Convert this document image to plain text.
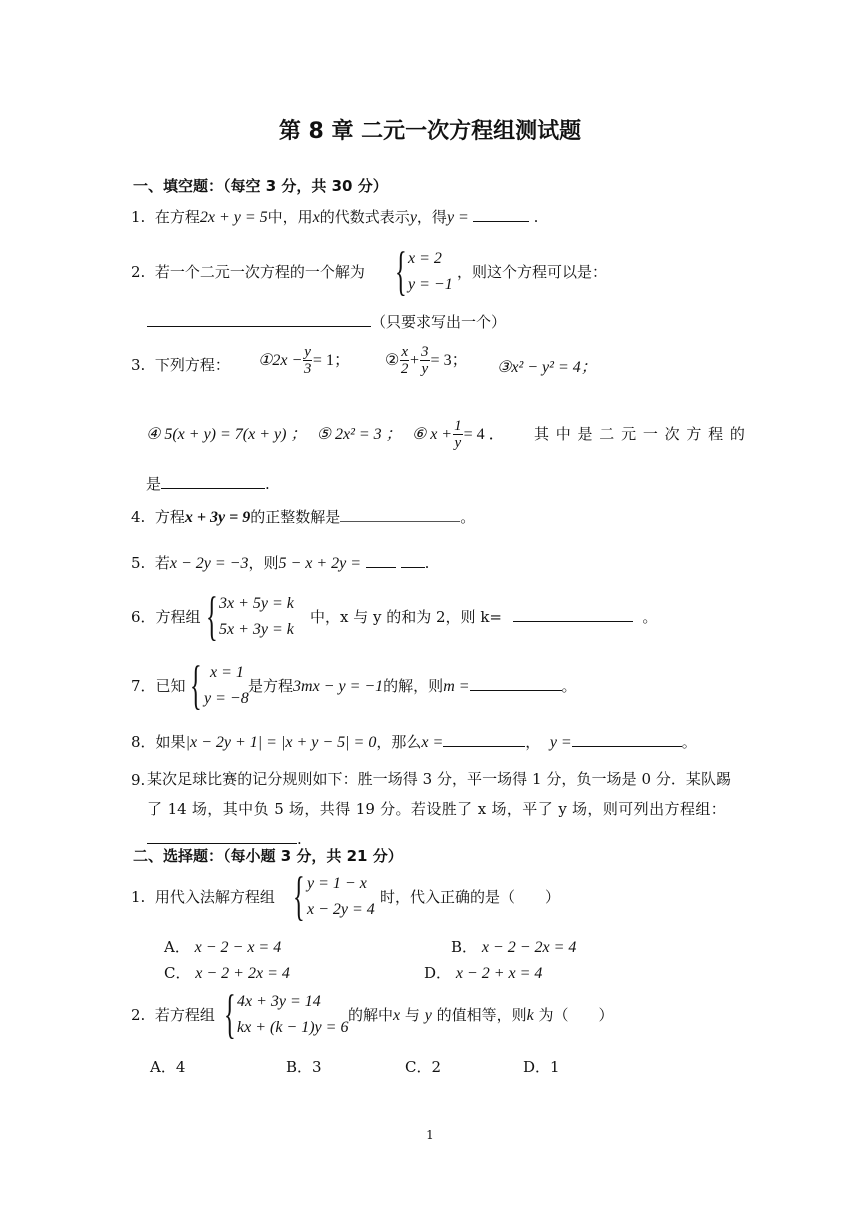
第 8 章 二元一次方程组测试题
一、填空题：（每空 3 分，共 30 分）
1. 在方程2x + y = 5中，用x的代数式表示y，得y =	.
2. 若一个二元一次方程的一个解为 { x = 2
y = −1
，则这个方程可以是：
（只要求写出一个）
3. 下列方程： ①2x − $\frac{y}{3} = 1$； ② $\frac{x}{2} + \frac{3}{y} = 3$； ③x² − y² = 4；
④ 5(x + y) = 7(x + y) ； ⑤ 2x² = 3 ； ⑥ $x + \frac{1}{y} = 4$ ． 其 中 是 二 元 一 次 方 程 的
是	.
4. 方程x + 3y = 9的正整数解是	。
5. 若x − 2y = −3，则5 − x + 2y =	.
6．方程组 { 3x + 5y = k
5x + 3y = k
中，x 与 y 的和为 2，则 k=	。
7．已知 { x = 1
y = −8
是方程3mx − y = −1的解，则m =	。
8．如果|x − 2y + 1| = |x + y − 5| = 0，那么x =	， y =	。
9. 某次足球比赛的记分规则如下：胜一场得 3 分，平一场得 1 分，负一场是 0 分．某队踢了 14 场，其中负 5 场，共得 19 分。若设胜了 x 场，平了 y 场，则可列出方程组： .
二、选择题：（每小题 3 分，共 21 分）
1. 用代入法解方程组 { y = 1 − x
x − 2y = 4
时，代入正确的是（　　）
A． x − 2 − x = 4	B． x − 2 − 2x = 4
C． x − 2 + 2x = 4	D． x − 2 + x = 4
2. 若方程组 { 4x + 3y = 14
kx + (k − 1)y = 6
的解中x 与 y 的值相等，则k 为（　　）
A．4	B．3	C．2	D．1
1
